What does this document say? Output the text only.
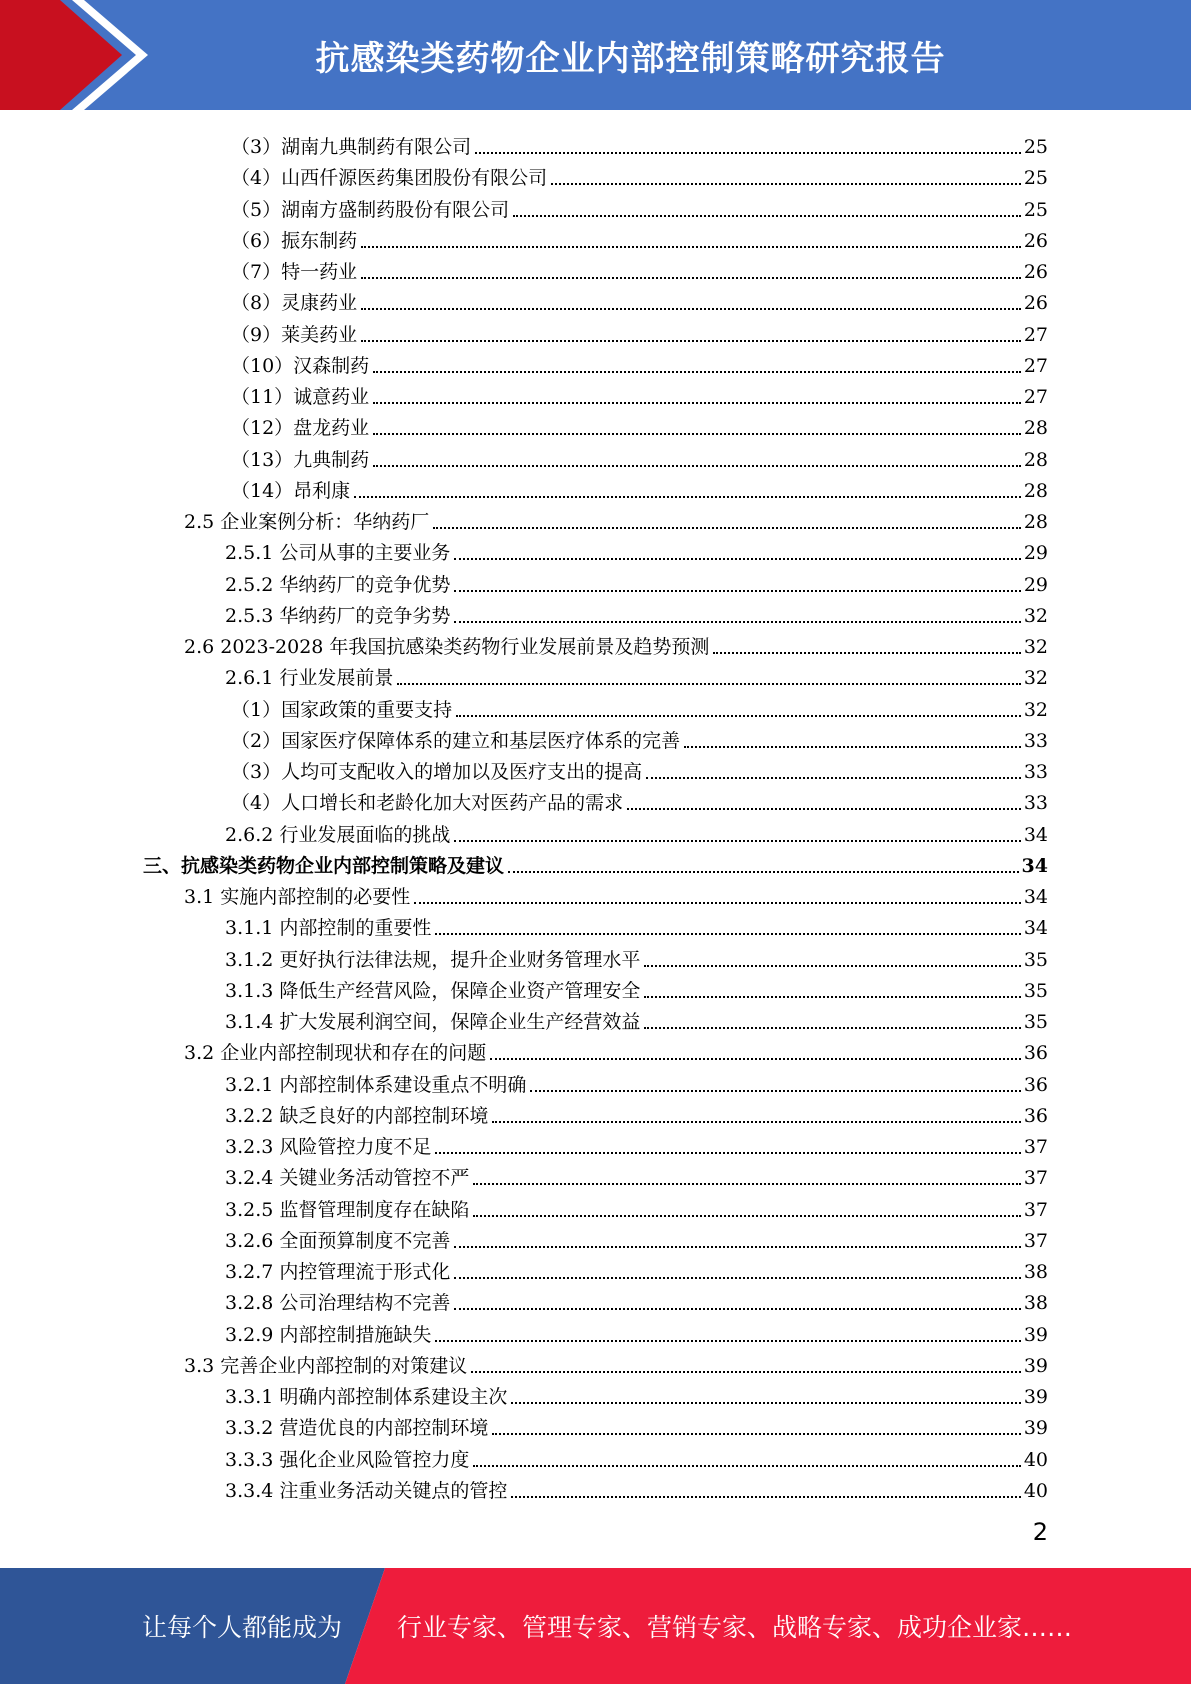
抗感染类药物企业内部控制策略研究报告
（3）湖南九典制药有限公司	25
（4）山西仟源医药集团股份有限公司	25
（5）湖南方盛制药股份有限公司	25
（6）振东制药	26
（7）特一药业	26
（8）灵康药业	26
（9）莱美药业	27
（10）汉森制药	27
（11）诚意药业	27
（12）盘龙药业	28
（13）九典制药	28
（14）昂利康	28
2.5 企业案例分析：华纳药厂	28
2.5.1 公司从事的主要业务	29
2.5.2 华纳药厂的竞争优势	29
2.5.3 华纳药厂的竞争劣势	32
2.6 2023-2028 年我国抗感染类药物行业发展前景及趋势预测	32
2.6.1 行业发展前景	32
（1）国家政策的重要支持	32
（2）国家医疗保障体系的建立和基层医疗体系的完善	33
（3）人均可支配收入的增加以及医疗支出的提高	33
（4）人口增长和老龄化加大对医药产品的需求	33
2.6.2 行业发展面临的挑战	34
三、抗感染类药物企业内部控制策略及建议	34
3.1 实施内部控制的必要性	34
3.1.1 内部控制的重要性	34
3.1.2 更好执行法律法规，提升企业财务管理水平	35
3.1.3 降低生产经营风险，保障企业资产管理安全	35
3.1.4 扩大发展利润空间，保障企业生产经营效益	35
3.2 企业内部控制现状和存在的问题	36
3.2.1 内部控制体系建设重点不明确	36
3.2.2 缺乏良好的内部控制环境	36
3.2.3 风险管控力度不足	37
3.2.4 关键业务活动管控不严	37
3.2.5 监督管理制度存在缺陷	37
3.2.6 全面预算制度不完善	37
3.2.7 内控管理流于形式化	38
3.2.8 公司治理结构不完善	38
3.2.9 内部控制措施缺失	39
3.3 完善企业内部控制的对策建议	39
3.3.1 明确内部控制体系建设主次	39
3.3.2 营造优良的内部控制环境	39
3.3.3 强化企业风险管控力度	40
3.3.4 注重业务活动关键点的管控	40
2
让每个人都能成为 行业专家、管理专家、营销专家、战略专家、成功企业家……
